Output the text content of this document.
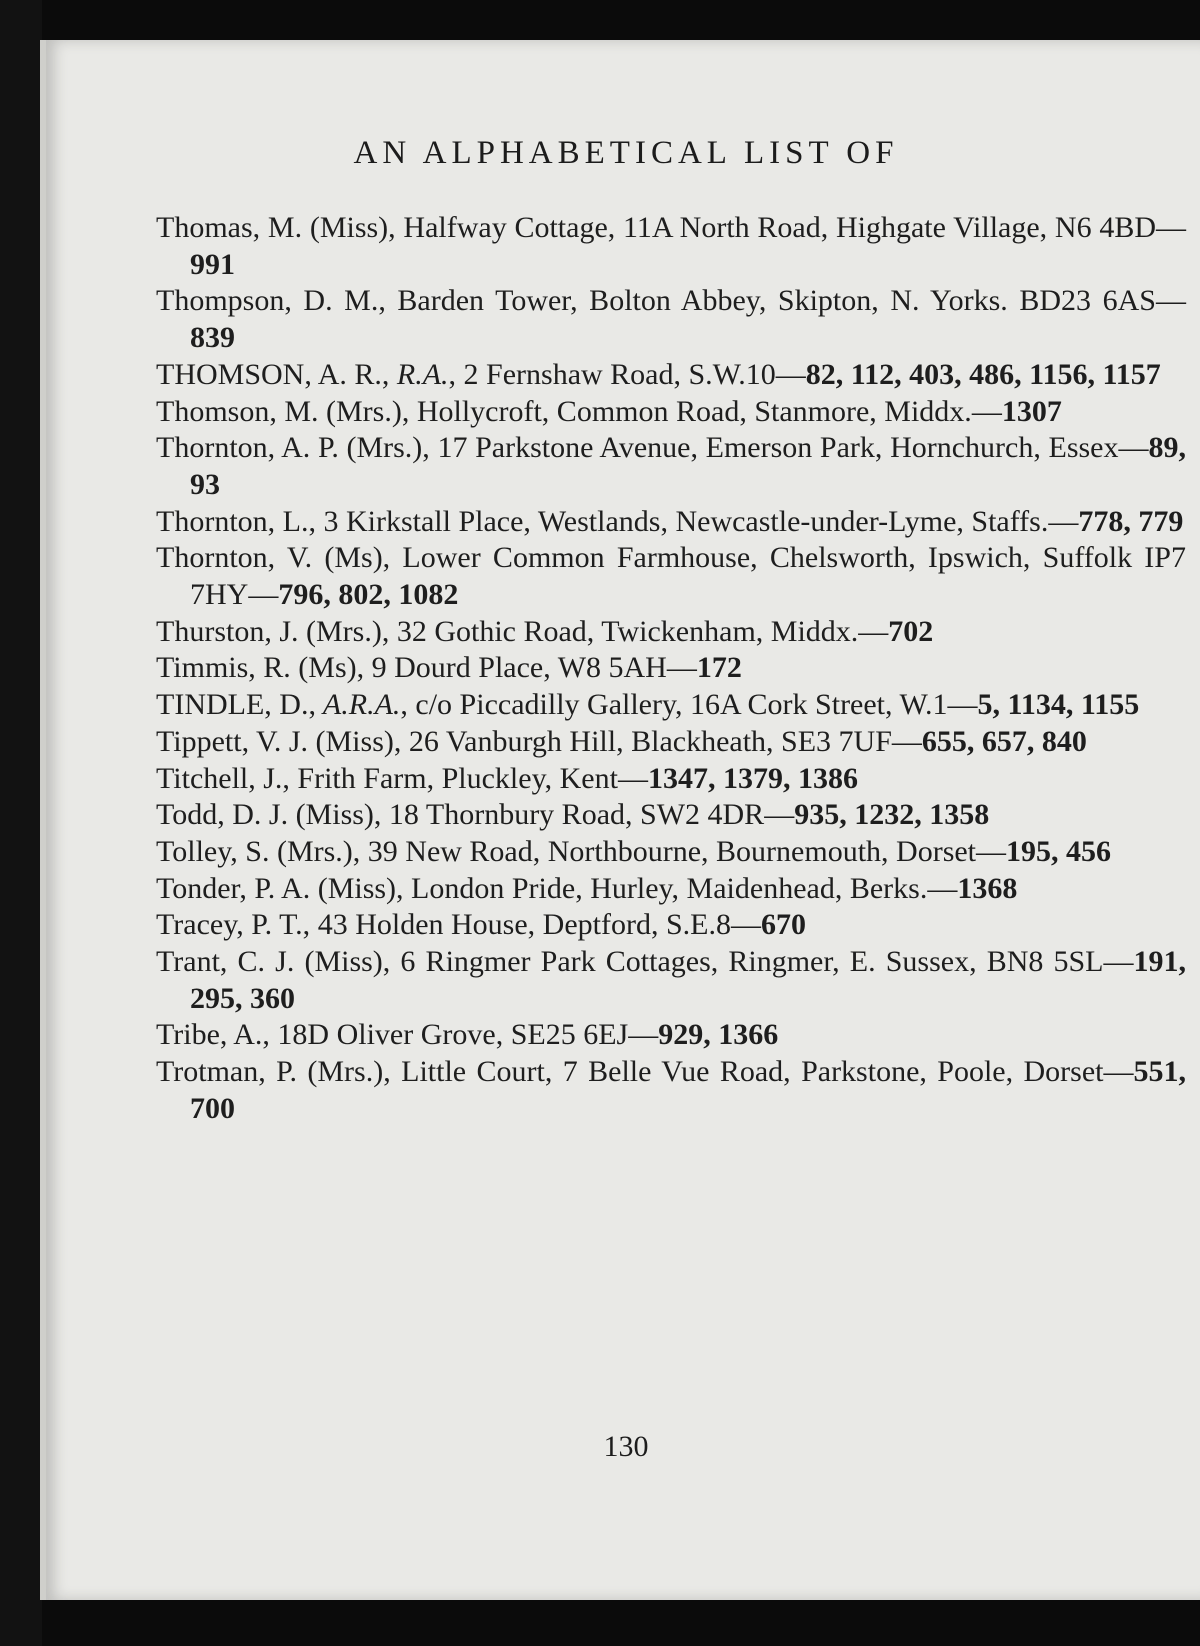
AN ALPHABETICAL LIST OF

Thomas, M. (Miss), Halfway Cottage, 11A North Road, Highgate Village, N6 4BD—991

Thompson, D. M., Barden Tower, Bolton Abbey, Skipton, N. Yorks. BD23 6AS—839

THOMSON, A. R., R.A., 2 Fernshaw Road, S.W.10—82, 112, 403, 486, 1156, 1157

Thomson, M. (Mrs.), Hollycroft, Common Road, Stanmore, Middx.—1307

Thornton, A. P. (Mrs.), 17 Parkstone Avenue, Emerson Park, Hornchurch, Essex—89, 93

Thornton, L., 3 Kirkstall Place, Westlands, Newcastle-under-Lyme, Staffs.—778, 779

Thornton, V. (Ms), Lower Common Farmhouse, Chelsworth, Ipswich, Suffolk IP7 7HY—796, 802, 1082

Thurston, J. (Mrs.), 32 Gothic Road, Twickenham, Middx.—702

Timmis, R. (Ms), 9 Dourd Place, W8 5AH—172

TINDLE, D., A.R.A., c/o Piccadilly Gallery, 16A Cork Street, W.1—5, 1134, 1155

Tippett, V. J. (Miss), 26 Vanburgh Hill, Blackheath, SE3 7UF—655, 657, 840

Titchell, J., Frith Farm, Pluckley, Kent—1347, 1379, 1386

Todd, D. J. (Miss), 18 Thornbury Road, SW2 4DR—935, 1232, 1358

Tolley, S. (Mrs.), 39 New Road, Northbourne, Bournemouth, Dorset—195, 456

Tonder, P. A. (Miss), London Pride, Hurley, Maidenhead, Berks.—1368

Tracey, P. T., 43 Holden House, Deptford, S.E.8—670

Trant, C. J. (Miss), 6 Ringmer Park Cottages, Ringmer, E. Sussex, BN8 5SL—191, 295, 360

Tribe, A., 18D Oliver Grove, SE25 6EJ—929, 1366

Trotman, P. (Mrs.), Little Court, 7 Belle Vue Road, Parkstone, Poole, Dorset—551, 700

130
